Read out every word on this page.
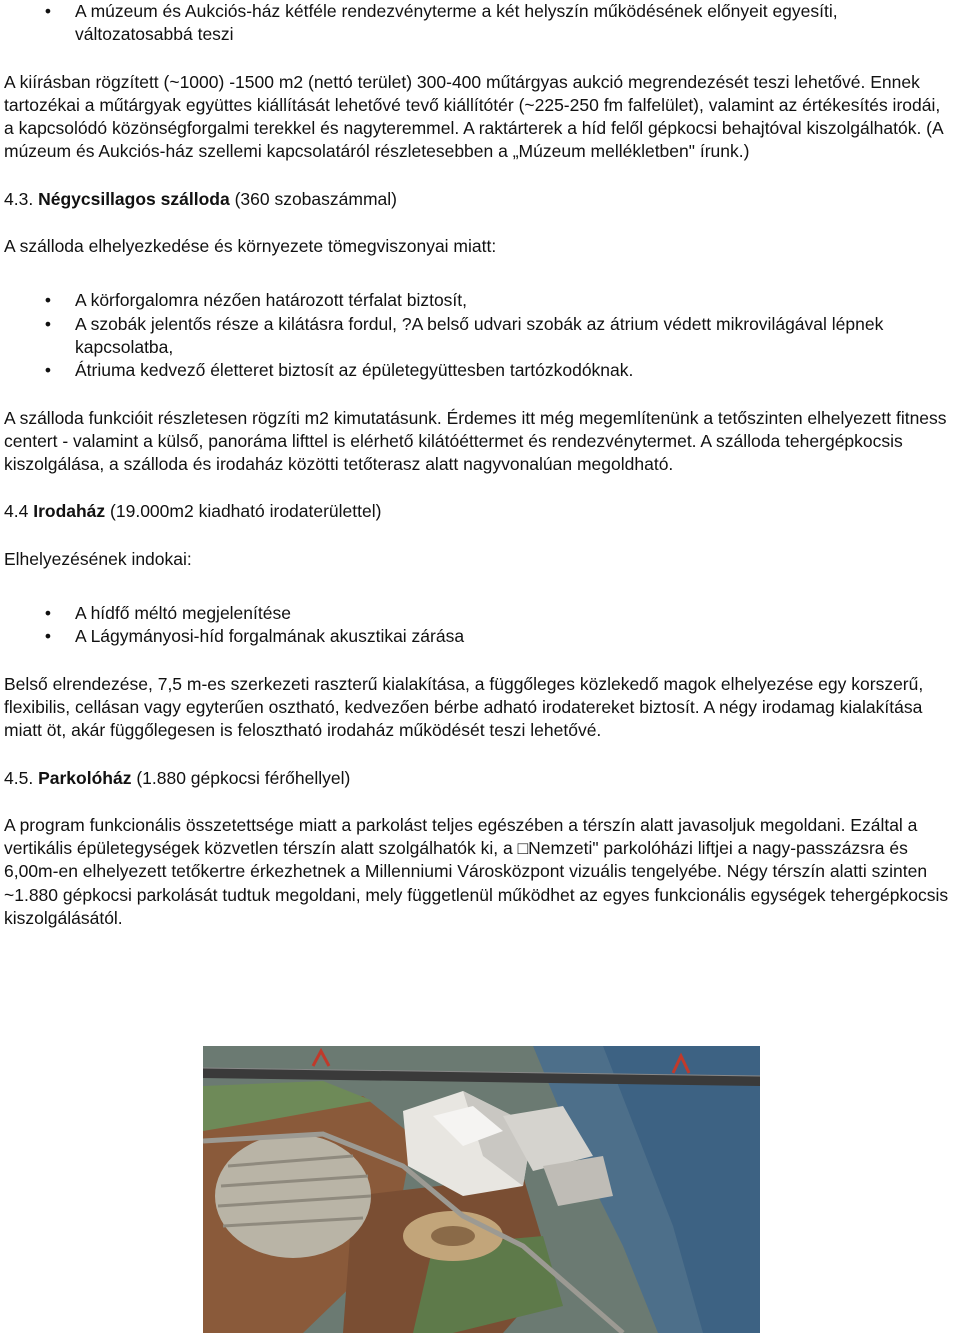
• A múzeum és Aukciós-ház kétféle rendezvényterme a két helyszín működésének előnyeit egyesíti, változatosabbá teszi

A kiírásban rögzített (~1000) -1500 m2 (nettó terület) 300-400 műtárgyas aukció megrendezését teszi lehetővé. Ennek tartozékai a műtárgyak együttes kiállítását lehetővé tevő kiállítótér (~225-250 fm falfelület), valamint az értékesítés irodái, a kapcsolódó közönségforgalmi terekkel és nagyteremmel. A raktárterek a híd felől gépkocsi behajtóval kiszolgálhatók. (A múzeum és Aukciós-ház szellemi kapcsolatáról részletesebben a „Múzeum mellékletben" írunk.)

4.3. Négycsillagos szálloda (360 szobaszámmal)

A szálloda elhelyezkedése és környezete tömegviszonyai miatt:

• A körforgalomra nézően határozott térfalat biztosít,
• A szobák jelentős része a kilátásra fordul, ?A belső udvari szobák az átrium védett mikrovilágával lépnek kapcsolatba,
• Átriuma kedvező életteret biztosít az épületegyüttesben tartózkodóknak.

A szálloda funkcióit részletesen rögzíti m2 kimutatásunk. Érdemes itt még megemlítenünk a tetőszinten elhelyezett fitness centert - valamint a külső, panoráma lifttel is elérhető kilátóéttermet és rendezvénytermet. A szálloda tehergépkocsis kiszolgálása, a szálloda és irodaház közötti tetőterasz alatt nagyvonalúan megoldható.

4.4 Irodaház (19.000m2 kiadható irodaterülettel)

Elhelyezésének indokai:

• A hídfő méltó megjelenítése
• A Lágymányosi-híd forgalmának akusztikai zárása

Belső elrendezése, 7,5 m-es szerkezeti raszterű kialakítása, a függőleges közlekedő magok elhelyezése egy korszerű, flexibilis, cellásan vagy egyterűen osztható, kedvezően bérbe adható irodatereket biztosít. A négy irodamag kialakítása miatt öt, akár függőlegesen is felosztható irodaház működését teszi lehetővé.

4.5. Parkolóház (1.880 gépkocsi férőhellyel)

A program funkcionális összetettsége miatt a parkolást teljes egészében a térszín alatt javasoljuk megoldani. Ezáltal a vertikális épületegységek közvetlen térszín alatt szolgálhatók ki, a □Nemzeti" parkolóházi liftjei a nagy-passzázsra és 6,00m-en elhelyezett tetőkertre érkezhetnek a Millenniumi Városközpont vizuális tengelyébe. Négy térszín alatti szinten ~1.880 gépkocsi parkolását tudtuk megoldani, mely függetlenül működhet az egyes funkcionális egységek tehergépkocsis kiszolgálásától.
